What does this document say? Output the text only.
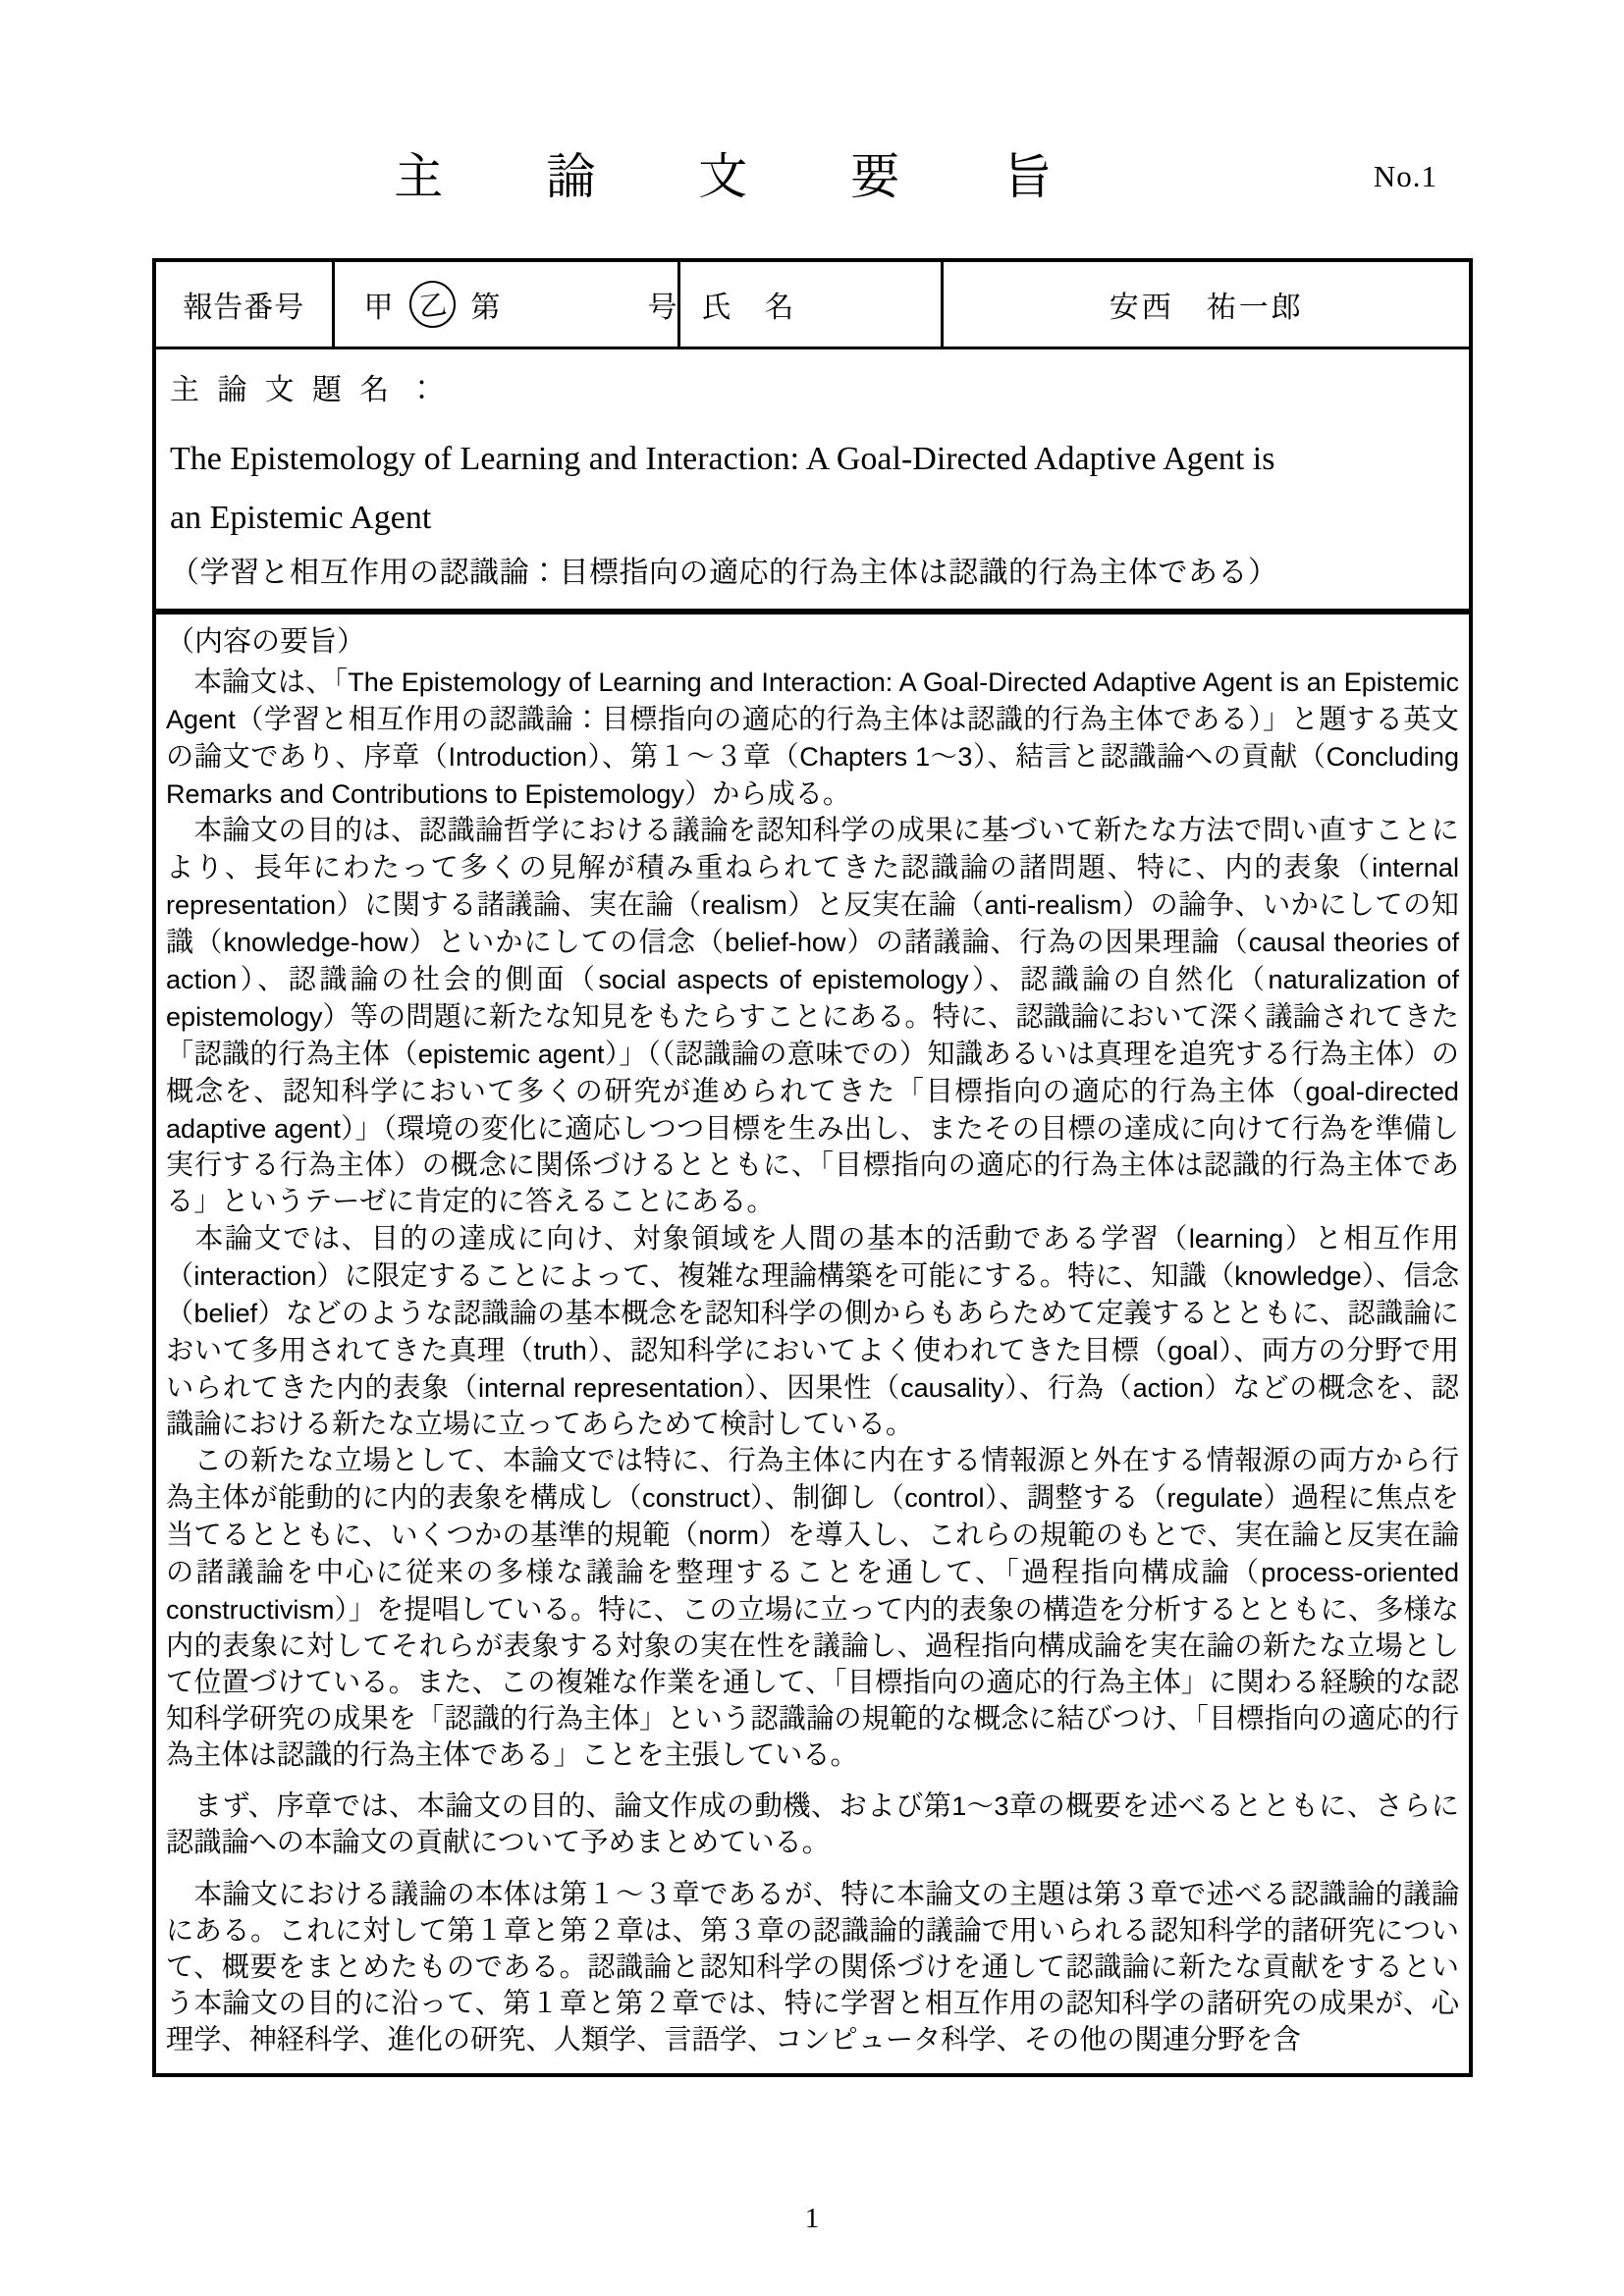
主　論　文　要　旨	No.1
報告番号	甲 乙 第	号 氏　名	安西　祐一郎
主 論 文 題 名 ：
The Epistemology of Learning and Interaction: A Goal-Directed Adaptive Agent is
an Epistemic Agent
（学習と相互作用の認識論：目標指向の適応的行為主体は認識的行為主体である）
（内容の要旨）

　本論文は、「The Epistemology of Learning and Interaction: A Goal-Directed Adaptive Agent is an Epistemic Agent（学習と相互作用の認識論：目標指向の適応的行為主体は認識的行為主体である）」と題する英文の論文であり、序章（Introduction）、第１～３章（Chapters 1～3）、結言と認識論への貢献（Concluding Remarks and Contributions to Epistemology）から成る。

　本論文の目的は、認識論哲学における議論を認知科学の成果に基づいて新たな方法で問い直すことにより、長年にわたって多くの見解が積み重ねられてきた認識論の諸問題、特に、内的表象（internal representation）に関する諸議論、実在論（realism）と反実在論（anti-realism）の論争、いかにしての知識（knowledge-how）といかにしての信念（belief-how）の諸議論、行為の因果理論（causal theories of action）、認識論の社会的側面（social aspects of epistemology）、認識論の自然化（naturalization of epistemology）等の問題に新たな知見をもたらすことにある。特に、認識論において深く議論されてきた「認識的行為主体（epistemic agent）」（（認識論の意味での）知識あるいは真理を追究する行為主体）の概念を、認知科学において多くの研究が進められてきた「目標指向の適応的行為主体（goal-directed adaptive agent）」（環境の変化に適応しつつ目標を生み出し、またその目標の達成に向けて行為を準備し実行する行為主体）の概念に関係づけるとともに、「目標指向の適応的行為主体は認識的行為主体である」というテーゼに肯定的に答えることにある。

　本論文では、目的の達成に向け、対象領域を人間の基本的活動である学習（learning）と相互作用（interaction）に限定することによって、複雑な理論構築を可能にする。特に、知識（knowledge）、信念（belief）などのような認識論の基本概念を認知科学の側からもあらためて定義するとともに、認識論において多用されてきた真理（truth）、認知科学においてよく使われてきた目標（goal）、両方の分野で用いられてきた内的表象（internal representation）、因果性（causality）、行為（action）などの概念を、認識論における新たな立場に立ってあらためて検討している。

　この新たな立場として、本論文では特に、行為主体に内在する情報源と外在する情報源の両方から行為主体が能動的に内的表象を構成し（construct）、制御し（control）、調整する（regulate）過程に焦点を当てるとともに、いくつかの基準的規範（norm）を導入し、これらの規範のもとで、実在論と反実在論の諸議論を中心に従来の多様な議論を整理することを通して、「過程指向構成論（process-oriented constructivism）」を提唱している。特に、この立場に立って内的表象の構造を分析するとともに、多様な内的表象に対してそれらが表象する対象の実在性を議論し、過程指向構成論を実在論の新たな立場として位置づけている。また、この複雑な作業を通して、「目標指向の適応的行為主体」に関わる経験的な認知科学研究の成果を「認識的行為主体」という認識論の規範的な概念に結びつけ、「目標指向の適応的行為主体は認識的行為主体である」ことを主張している。

　まず、序章では、本論文の目的、論文作成の動機、および第1～3章の概要を述べるとともに、さらに認識論への本論文の貢献について予めまとめている。

　本論文における議論の本体は第１～３章であるが、特に本論文の主題は第３章で述べる認識論的議論にある。これに対して第１章と第２章は、第３章の認識論的議論で用いられる認知科学的諸研究について、概要をまとめたものである。認識論と認知科学の関係づけを通して認識論に新たな貢献をするという本論文の目的に沿って、第１章と第２章では、特に学習と相互作用の認知科学の諸研究の成果が、心理学、神経科学、進化の研究、人類学、言語学、コンピュータ科学、その他の関連分野を含

1
